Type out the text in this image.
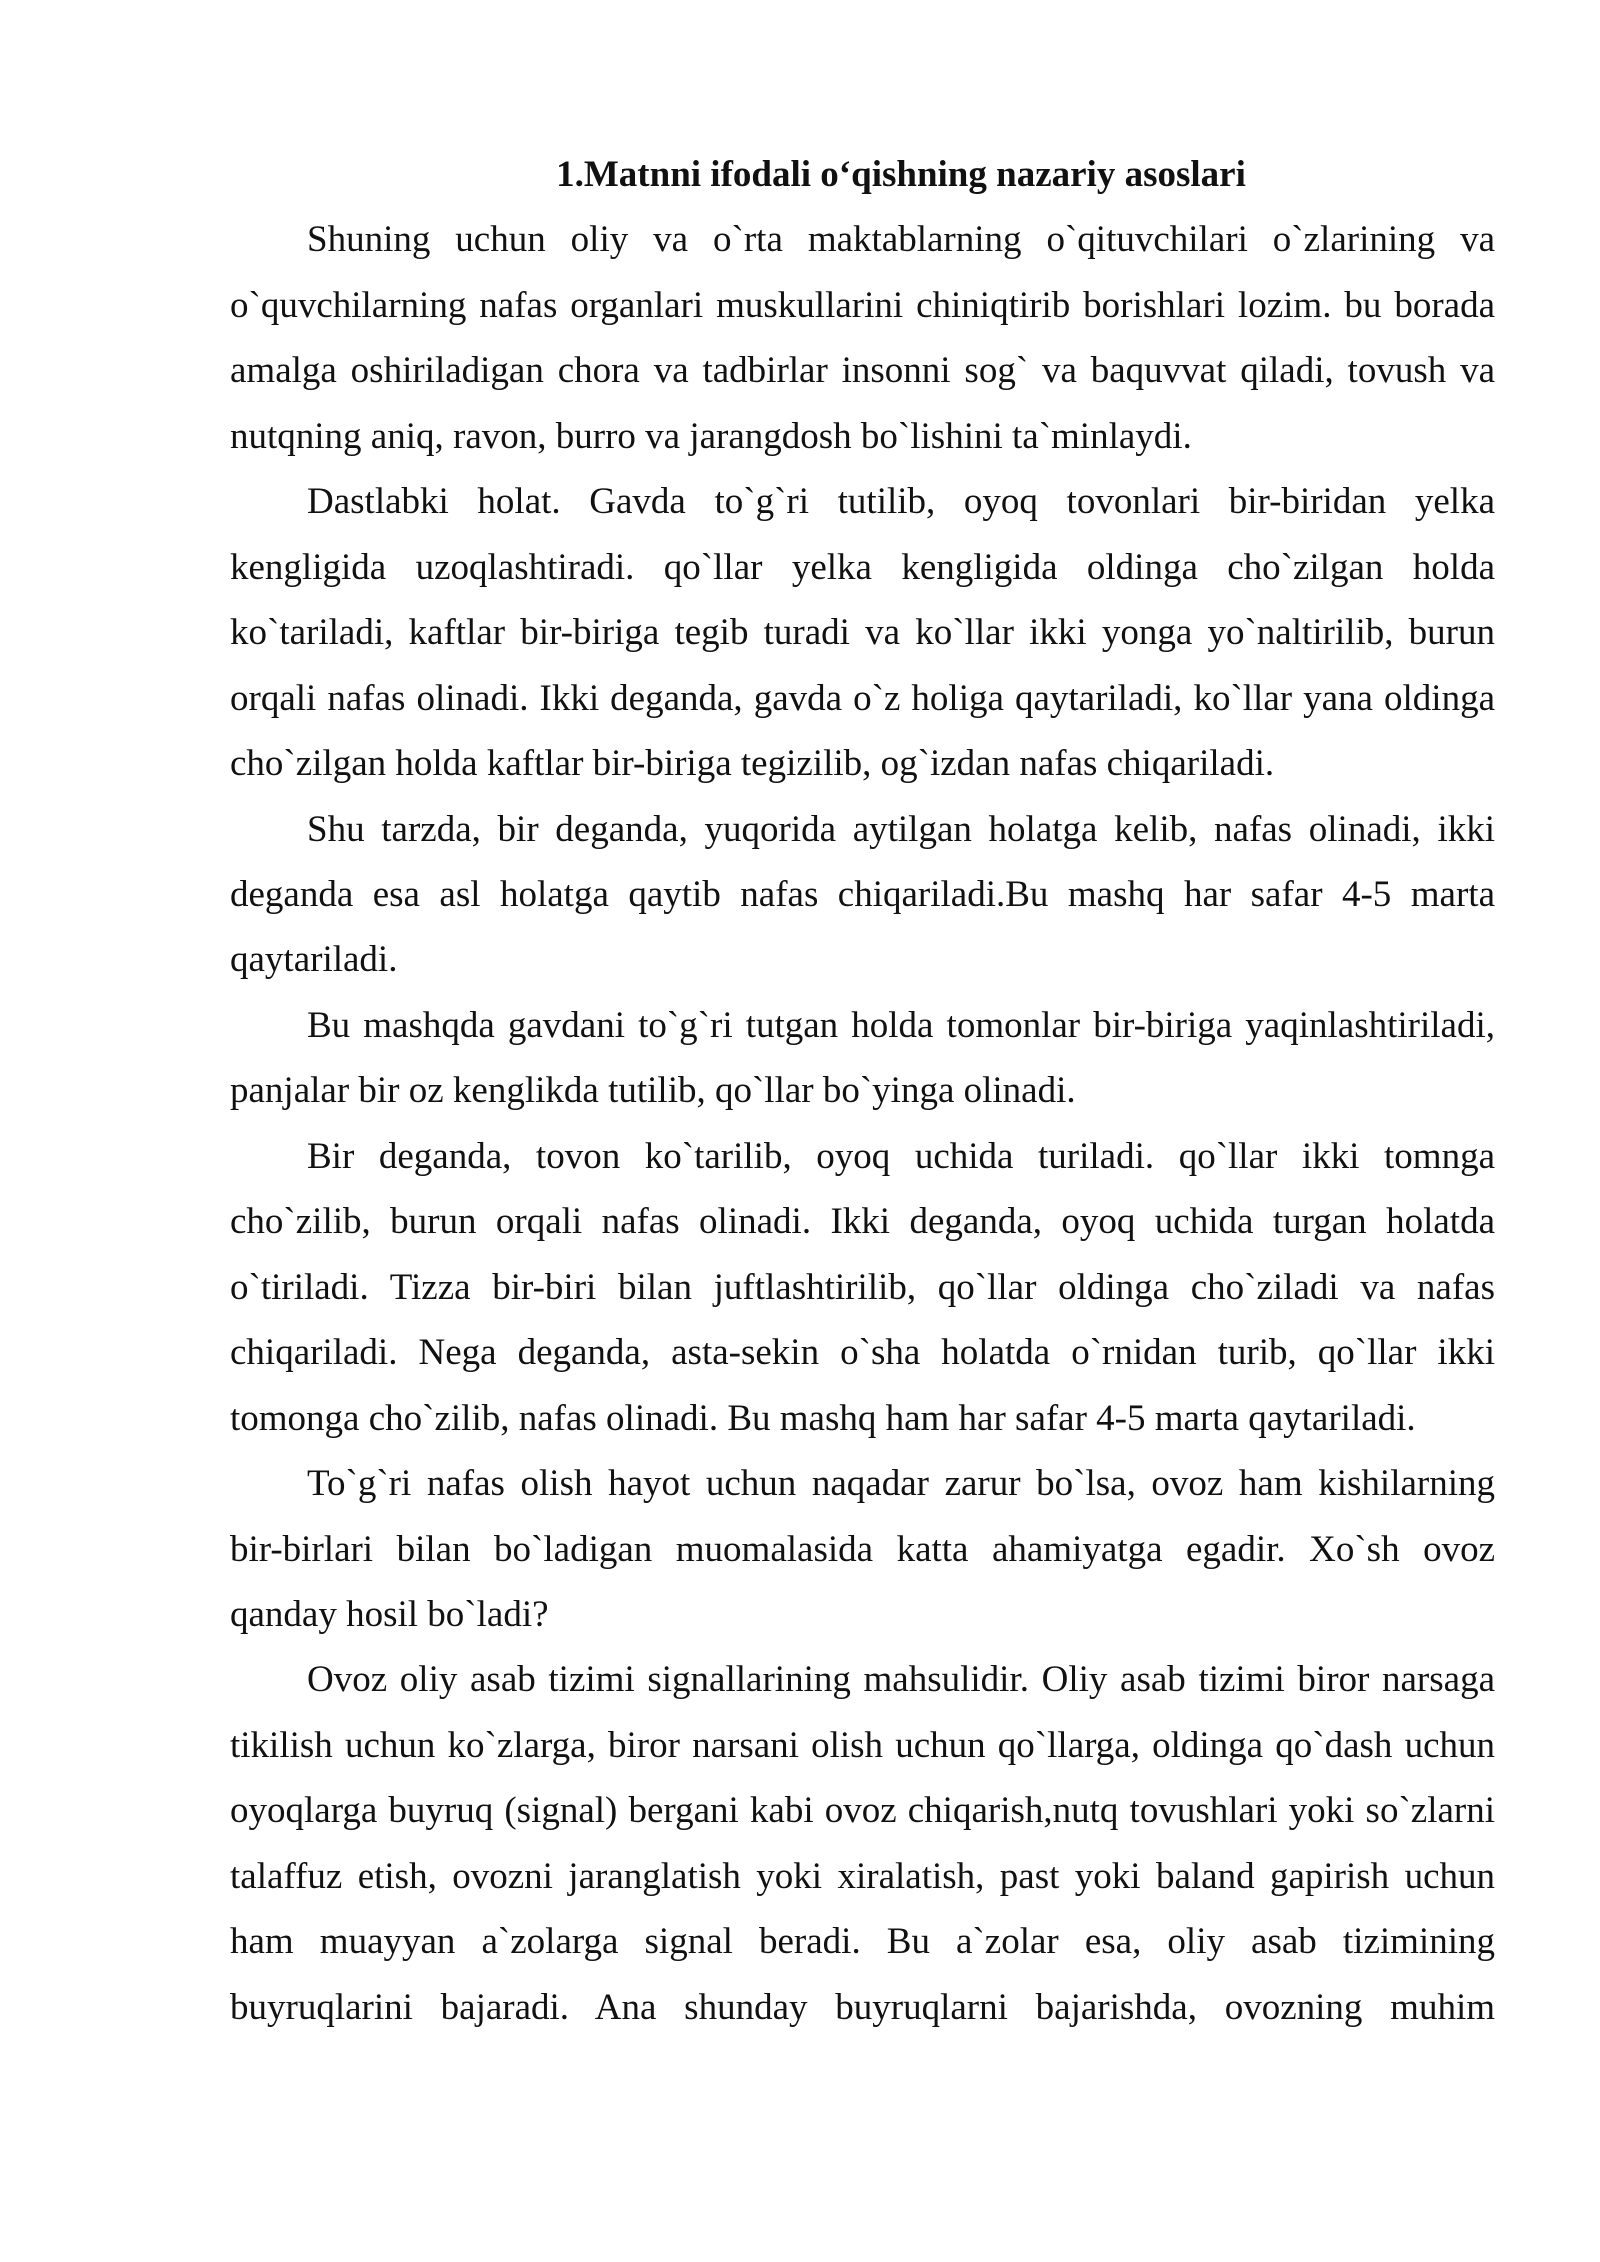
1.Matnni ifodali o‘qishning nazariy asoslari
Shuning uchun oliy va o`rta maktablarning o`qituvchilari o`zlarining va
o`quvchilarning nafas organlari muskullarini chiniqtirib borishlari lozim. bu borada
amalga oshiriladigan chora va tadbirlar insonni sog` va baquvvat qiladi, tovush va
nutqning aniq, ravon, burro va jarangdosh bo`lishini ta`minlaydi.
Dastlabki holat. Gavda to`g`ri tutilib, oyoq tovonlari bir-biridan yelka
kengligida uzoqlashtiradi. qo`llar yelka kengligida oldinga cho`zilgan holda
ko`tariladi, kaftlar bir-biriga tegib turadi va ko`llar ikki yonga yo`naltirilib, burun
orqali nafas olinadi. Ikki deganda, gavda o`z holiga qaytariladi, ko`llar yana oldinga
cho`zilgan holda kaftlar bir-biriga tegizilib, og`izdan nafas chiqariladi.
Shu tarzda, bir deganda, yuqorida aytilgan holatga kelib, nafas olinadi, ikki
deganda esa asl holatga qaytib nafas chiqariladi.Bu mashq har safar 4-5 marta
qaytariladi.
Bu mashqda gavdani to`g`ri tutgan holda tomonlar bir-biriga yaqinlashtiriladi,
panjalar bir oz kenglikda tutilib, qo`llar bo`yinga olinadi.
Bir deganda, tovon ko`tarilib, oyoq uchida turiladi. qo`llar ikki tomnga
cho`zilib, burun orqali nafas olinadi. Ikki deganda, oyoq uchida turgan holatda
o`tiriladi. Tizza bir-biri bilan juftlashtirilib, qo`llar oldinga cho`ziladi va nafas
chiqariladi. Nega deganda, asta-sekin o`sha holatda o`rnidan turib, qo`llar ikki
tomonga cho`zilib, nafas olinadi. Bu mashq ham har safar 4-5 marta qaytariladi.
To`g`ri nafas olish hayot uchun naqadar zarur bo`lsa, ovoz ham kishilarning
bir-birlari bilan bo`ladigan muomalasida katta ahamiyatga egadir. Xo`sh ovoz
qanday hosil bo`ladi?
Ovoz oliy asab tizimi signallarining mahsulidir. Oliy asab tizimi biror narsaga
tikilish uchun ko`zlarga, biror narsani olish uchun qo`llarga, oldinga qo`dash uchun
oyoqlarga buyruq (signal) bergani kabi ovoz chiqarish,nutq tovushlari yoki so`zlarni
talaffuz etish, ovozni jaranglatish yoki xiralatish, past yoki baland gapirish uchun
ham muayyan a`zolarga signal beradi. Bu a`zolar esa, oliy asab tizimining
buyruqlarini bajaradi. Ana shunday buyruqlarni bajarishda, ovozning muhim
